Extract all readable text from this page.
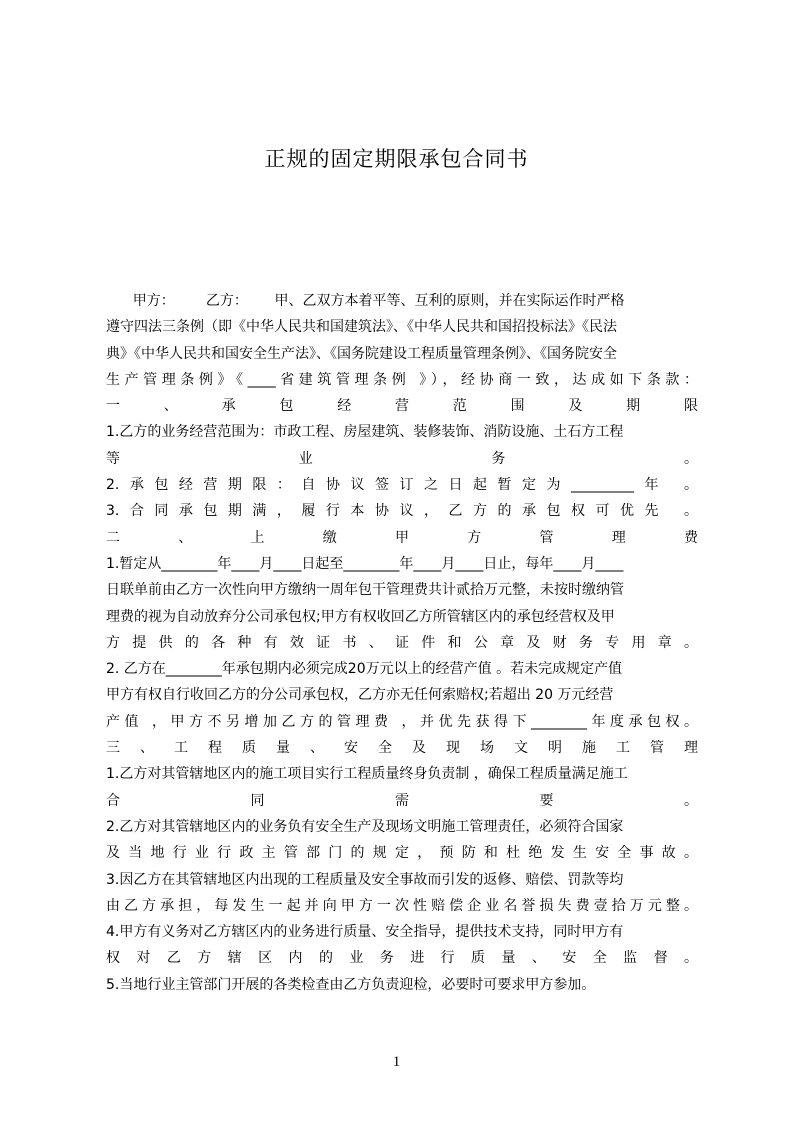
正规的固定期限承包合同书
甲方：       乙方：      甲、乙双方本着平等、互利的原则，并在实际运作时严格
遵守四法三条例（即《中华人民共和国建筑法》、《中华人民共和国招投标法》《民法
典》《中华人民共和国安全生产法》、《国务院建设工程质量管理条例》、《国务院安全
生产管理条例》《____省建筑管理条例 》），经协商一致，达成如下条款：
一 、 承 包 经 营 范 围 及 期 限
1.乙方的业务经营范围为：市政工程、房屋建筑、装修装饰、消防设施、土石方工程
等 业 务 。
2.承包经营期限：自协议签订之日起暂定为_________年 。
3.合同承包期满，履行本协议，乙方的承包权可优先 。
二 、 上 缴 甲 方 管 理 费
1.暂定从________年____月____日起至________年____月____日止，每年____月____
日联单前由乙方一次性向甲方缴纳一周年包干管理费共计贰拾万元整，未按时缴纳管
理费的视为自动放弃分公司承包权;甲方有权收回乙方所管辖区内的承包经营权及甲
方提供的各种有效证书、证件和公章及财务专用章。
2. 乙方在________年承包期内必须完成20万元以上的经营产值 。若未完成规定产值
甲方有权自行收回乙方的分公司承包权，乙方亦无任何索赔权;若超出 20 万元经营
产值 ，甲方不另增加乙方的管理费 ，并优先获得下________年度承包权。
三 、 工 程 质 量 、 安 全 及 现 场 文 明 施 工 管 理
1.乙方对其管辖地区内的施工项目实行工程质量终身负责制 ，确保工程质量满足施工
合 同 需 要 。
2.乙方对其管辖地区内的业务负有安全生产及现场文明施工管理责任，必须符合国家
及当地行业行政主管部门的规定，预防和杜绝发生安全事故。
3.因乙方在其管辖地区内出现的工程质量及安全事故而引发的返修、赔偿、罚款等均
由乙方承担，每发生一起并向甲方一次性赔偿企业名誉损失费壹拾万元整。
4.甲方有义务对乙方辖区内的业务进行质量、安全指导，提供技术支持，同时甲方有
权对乙方辖区内的业务进行质量、安全监督。
5.当地行业主管部门开展的各类检查由乙方负责迎检，必要时可要求甲方参加。
1
